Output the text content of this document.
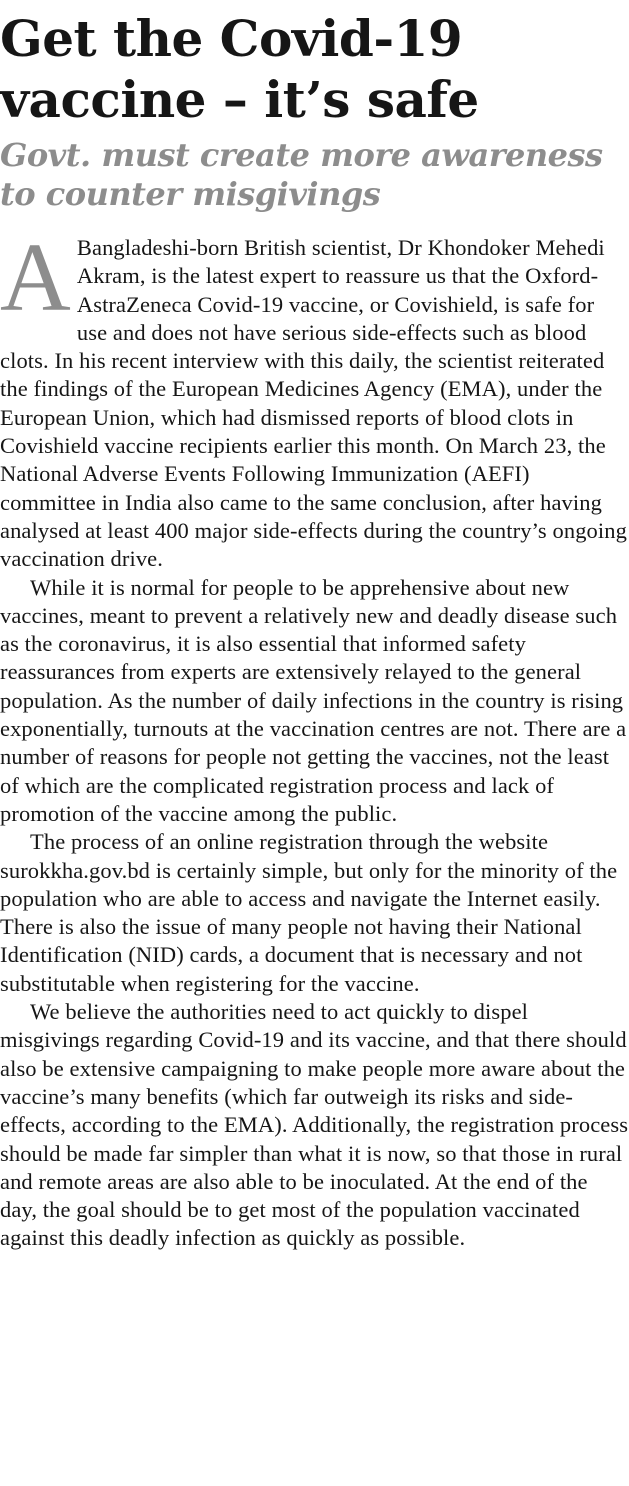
Get the Covid-19 vaccine – it’s safe
Govt. must create more awareness to counter misgivings

A Bangladeshi-born British scientist, Dr Khondoker Mehedi Akram, is the latest expert to reassure us that the Oxford-AstraZeneca Covid-19 vaccine, or Covishield, is safe for use and does not have serious side-effects such as blood clots. In his recent interview with this daily, the scientist reiterated the findings of the European Medicines Agency (EMA), under the European Union, which had dismissed reports of blood clots in Covishield vaccine recipients earlier this month. On March 23, the National Adverse Events Following Immunization (AEFI) committee in India also came to the same conclusion, after having analysed at least 400 major side-effects during the country’s ongoing vaccination drive.

While it is normal for people to be apprehensive about new vaccines, meant to prevent a relatively new and deadly disease such as the coronavirus, it is also essential that informed safety reassurances from experts are extensively relayed to the general population. As the number of daily infections in the country is rising exponentially, turnouts at the vaccination centres are not. There are a number of reasons for people not getting the vaccines, not the least of which are the complicated registration process and lack of promotion of the vaccine among the public.

The process of an online registration through the website surokkha.gov.bd is certainly simple, but only for the minority of the population who are able to access and navigate the Internet easily. There is also the issue of many people not having their National Identification (NID) cards, a document that is necessary and not substitutable when registering for the vaccine.

We believe the authorities need to act quickly to dispel misgivings regarding Covid-19 and its vaccine, and that there should also be extensive campaigning to make people more aware about the vaccine’s many benefits (which far outweigh its risks and side-effects, according to the EMA). Additionally, the registration process should be made far simpler than what it is now, so that those in rural and remote areas are also able to be inoculated. At the end of the day, the goal should be to get most of the population vaccinated against this deadly infection as quickly as possible.
